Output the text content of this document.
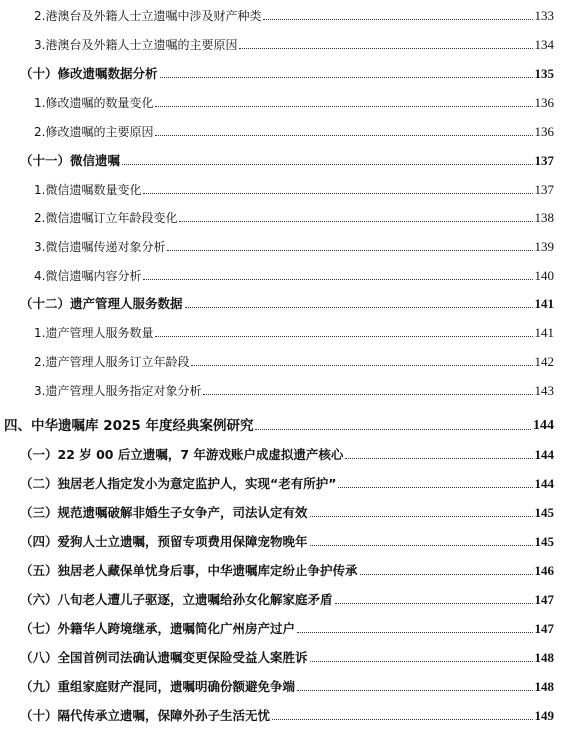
2.港澳台及外籍人士立遗嘱中涉及财产种类	133
3.港澳台及外籍人士立遗嘱的主要原因	134
（十）修改遗嘱数据分析	135
1.修改遗嘱的数量变化	136
2.修改遗嘱的主要原因	136
（十一）微信遗嘱	137
1.微信遗嘱数量变化	137
2.微信遗嘱订立年龄段变化	138
3.微信遗嘱传递对象分析	139
4.微信遗嘱内容分析	140
（十二）遗产管理人服务数据	141
1.遗产管理人服务数量	141
2.遗产管理人服务订立年龄段	142
3.遗产管理人服务指定对象分析	143
四、中华遗嘱库 2025 年度经典案例研究	144
（一）22 岁 00 后立遗嘱，7 年游戏账户成虚拟遗产核心	144
（二）独居老人指定发小为意定监护人，实现“老有所护”	144
（三）规范遗嘱破解非婚生子女争产，司法认定有效	145
（四）爱狗人士立遗嘱，预留专项费用保障宠物晚年	145
（五）独居老人藏保单忧身后事，中华遗嘱库定纷止争护传承	146
（六）八旬老人遭儿子驱逐，立遗嘱给孙女化解家庭矛盾	147
（七）外籍华人跨境继承，遗嘱简化广州房产过户	147
（八）全国首例司法确认遗嘱变更保险受益人案胜诉	148
（九）重组家庭财产混同，遗嘱明确份额避免争端	148
（十）隔代传承立遗嘱，保障外孙子生活无忧	149
